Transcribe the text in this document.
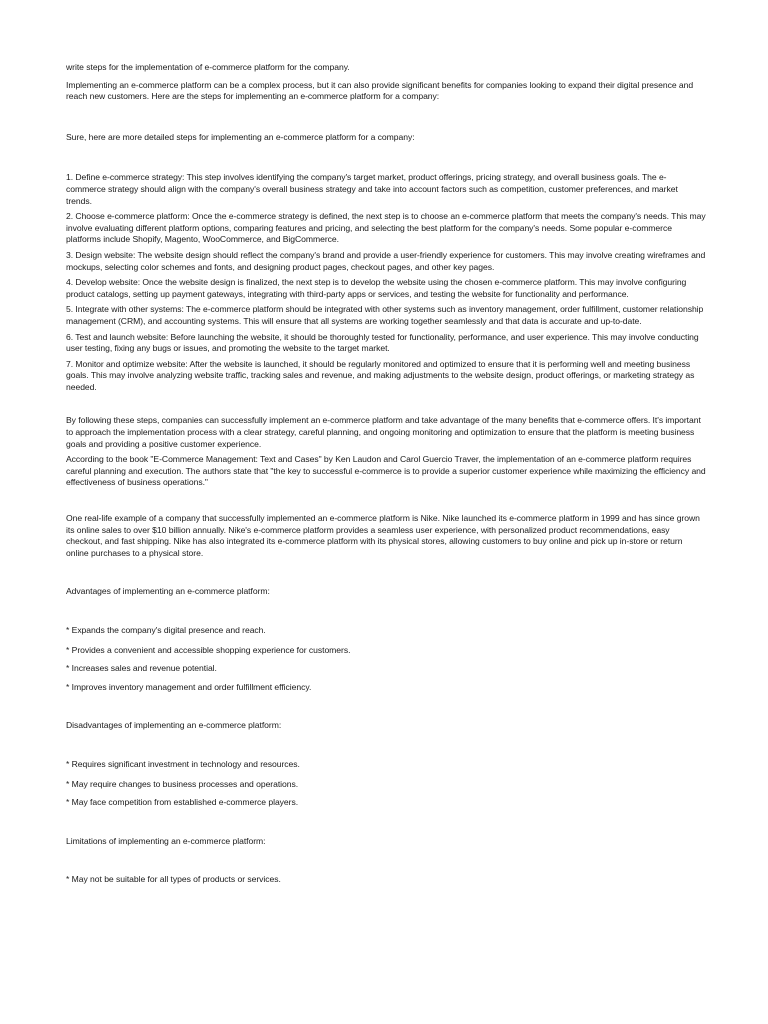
write steps for the implementation of e-commerce platform for the company.

Implementing an e-commerce platform can be a complex process, but it can also provide significant benefits for companies looking to expand their digital presence and reach new customers. Here are the steps for implementing an e-commerce platform for a company:

Sure, here are more detailed steps for implementing an e-commerce platform for a company:

1. Define e-commerce strategy: This step involves identifying the company's target market, product offerings, pricing strategy, and overall business goals. The e-commerce strategy should align with the company's overall business strategy and take into account factors such as competition, customer preferences, and market trends.

2. Choose e-commerce platform: Once the e-commerce strategy is defined, the next step is to choose an e-commerce platform that meets the company's needs. This may involve evaluating different platform options, comparing features and pricing, and selecting the best platform for the company's needs. Some popular e-commerce platforms include Shopify, Magento, WooCommerce, and BigCommerce.

3. Design website: The website design should reflect the company's brand and provide a user-friendly experience for customers. This may involve creating wireframes and mockups, selecting color schemes and fonts, and designing product pages, checkout pages, and other key pages.

4. Develop website: Once the website design is finalized, the next step is to develop the website using the chosen e-commerce platform. This may involve configuring product catalogs, setting up payment gateways, integrating with third-party apps or services, and testing the website for functionality and performance.

5. Integrate with other systems: The e-commerce platform should be integrated with other systems such as inventory management, order fulfillment, customer relationship management (CRM), and accounting systems. This will ensure that all systems are working together seamlessly and that data is accurate and up-to-date.

6. Test and launch website: Before launching the website, it should be thoroughly tested for functionality, performance, and user experience. This may involve conducting user testing, fixing any bugs or issues, and promoting the website to the target market.

7. Monitor and optimize website: After the website is launched, it should be regularly monitored and optimized to ensure that it is performing well and meeting business goals. This may involve analyzing website traffic, tracking sales and revenue, and making adjustments to the website design, product offerings, or marketing strategy as needed.

By following these steps, companies can successfully implement an e-commerce platform and take advantage of the many benefits that e-commerce offers. It's important to approach the implementation process with a clear strategy, careful planning, and ongoing monitoring and optimization to ensure that the platform is meeting business goals and providing a positive customer experience.

According to the book "E-Commerce Management: Text and Cases" by Ken Laudon and Carol Guercio Traver, the implementation of an e-commerce platform requires careful planning and execution. The authors state that "the key to successful e-commerce is to provide a superior customer experience while maximizing the efficiency and effectiveness of business operations."

One real-life example of a company that successfully implemented an e-commerce platform is Nike. Nike launched its e-commerce platform in 1999 and has since grown its online sales to over $10 billion annually. Nike's e-commerce platform provides a seamless user experience, with personalized product recommendations, easy checkout, and fast shipping. Nike has also integrated its e-commerce platform with its physical stores, allowing customers to buy online and pick up in-store or return online purchases to a physical store.

Advantages of implementing an e-commerce platform:

* Expands the company's digital presence and reach.

* Provides a convenient and accessible shopping experience for customers.

* Increases sales and revenue potential.

* Improves inventory management and order fulfillment efficiency.

Disadvantages of implementing an e-commerce platform:

* Requires significant investment in technology and resources.

* May require changes to business processes and operations.

* May face competition from established e-commerce players.

Limitations of implementing an e-commerce platform:

* May not be suitable for all types of products or services.
